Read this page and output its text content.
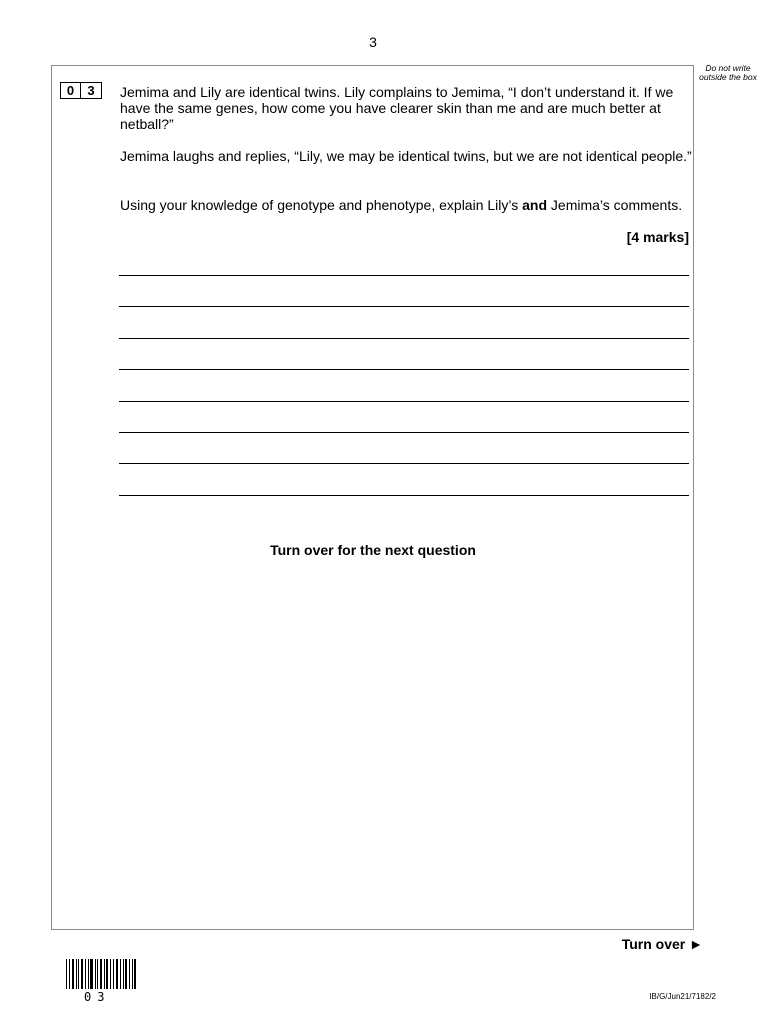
3
Do not write outside the box
0	3	Jemima and Lily are identical twins. Lily complains to Jemima, “I don’t understand it. If we have the same genes, how come you have clearer skin than me and are much better at netball?”

Jemima laughs and replies, “Lily, we may be identical twins, but we are not identical people.”

Using your knowledge of genotype and phenotype, explain Lily’s and Jemima’s comments.

[4 marks]
Turn over for the next question
Turn over ►
03	IB/G/Jun21/7182/2
